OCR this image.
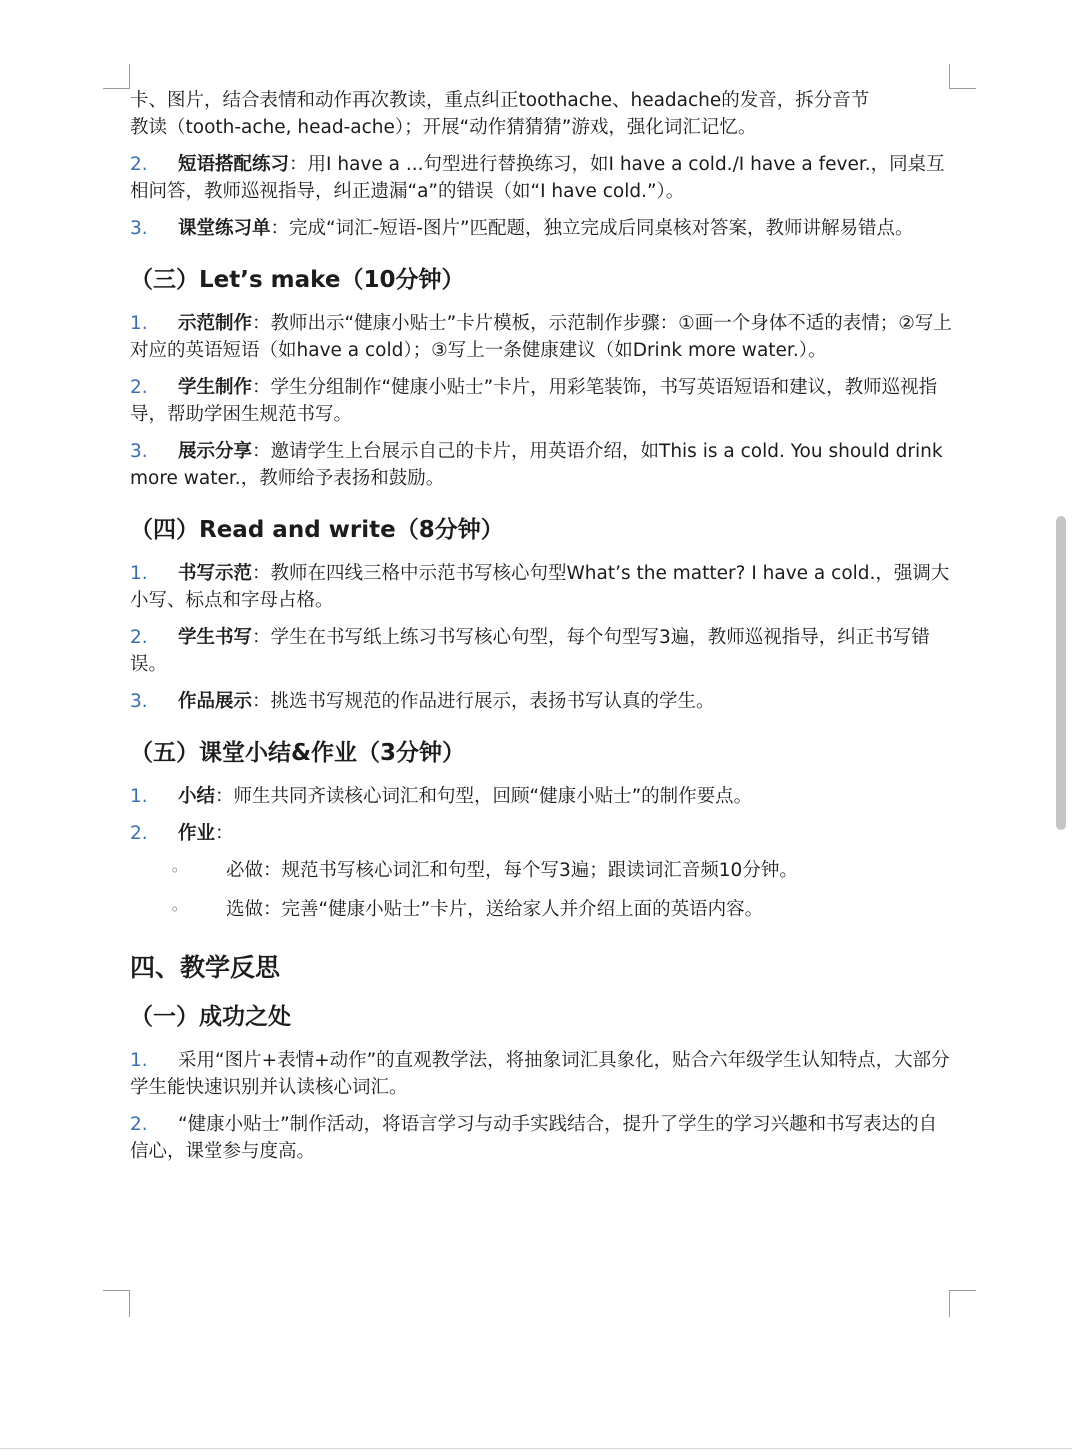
卡、图片，结合表情和动作再次教读，重点纠正toothache、headache的发音，拆分音节
教读（tooth-ache, head-ache）；开展“动作猜猜猜”游戏，强化词汇记忆。
2. 短语搭配练习：用I have a ...句型进行替换练习，如I have a cold./I have a fever.，同桌互相问答，教师巡视指导，纠正遗漏“a”的错误（如“I have cold.”）。
3. 课堂练习单：完成“词汇-短语-图片”匹配题，独立完成后同桌核对答案，教师讲解易错点。
（三）Let’s make（10分钟）
1. 示范制作：教师出示“健康小贴士”卡片模板，示范制作步骤：①画一个身体不适的表情；②写上对应的英语短语（如have a cold）；③写上一条健康建议（如Drink more water.）。
2. 学生制作：学生分组制作“健康小贴士”卡片，用彩笔装饰，书写英语短语和建议，教师巡视指导，帮助学困生规范书写。
3. 展示分享：邀请学生上台展示自己的卡片，用英语介绍，如This is a cold. You should drink more water.，教师给予表扬和鼓励。
（四）Read and write（8分钟）
1. 书写示范：教师在四线三格中示范书写核心句型What’s the matter? I have a cold.，强调大小写、标点和字母占格。
2. 学生书写：学生在书写纸上练习书写核心句型，每个句型写3遍，教师巡视指导，纠正书写错误。
3. 作品展示：挑选书写规范的作品进行展示，表扬书写认真的学生。
（五）课堂小结&作业（3分钟）
1. 小结：师生共同齐读核心词汇和句型，回顾“健康小贴士”的制作要点。
2. 作业：
◦	必做：规范书写核心词汇和句型，每个写3遍；跟读词汇音频10分钟。
◦	选做：完善“健康小贴士”卡片，送给家人并介绍上面的英语内容。
四、教学反思
（一）成功之处
1. 采用“图片+表情+动作”的直观教学法，将抽象词汇具象化，贴合六年级学生认知特点，大部分学生能快速识别并认读核心词汇。
2. “健康小贴士”制作活动，将语言学习与动手实践结合，提升了学生的学习兴趣和书写表达的自信心，课堂参与度高。
